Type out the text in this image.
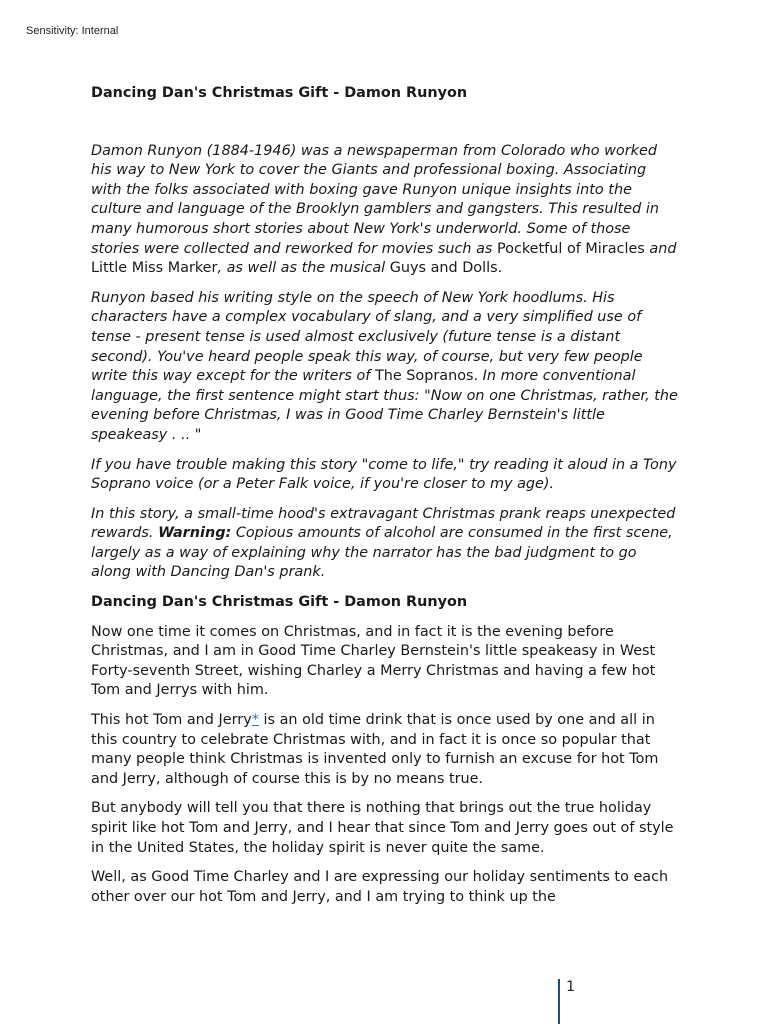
Sensitivity: Internal
Dancing Dan's Christmas Gift - Damon Runyon

Damon Runyon (1884-1946) was a newspaperman from Colorado who worked his way to New York to cover the Giants and professional boxing. Associating with the folks associated with boxing gave Runyon unique insights into the culture and language of the Brooklyn gamblers and gangsters. This resulted in many humorous short stories about New York's underworld. Some of those stories were collected and reworked for movies such as Pocketful of Miracles and Little Miss Marker, as well as the musical Guys and Dolls.

Runyon based his writing style on the speech of New York hoodlums. His characters have a complex vocabulary of slang, and a very simplified use of tense - present tense is used almost exclusively (future tense is a distant second). You've heard people speak this way, of course, but very few people write this way except for the writers of The Sopranos. In more conventional language, the first sentence might start thus: "Now on one Christmas, rather, the evening before Christmas, I was in Good Time Charley Bernstein's little speakeasy . .. "

If you have trouble making this story "come to life," try reading it aloud in a Tony Soprano voice (or a Peter Falk voice, if you're closer to my age).

In this story, a small-time hood's extravagant Christmas prank reaps unexpected rewards. Warning: Copious amounts of alcohol are consumed in the first scene, largely as a way of explaining why the narrator has the bad judgment to go along with Dancing Dan's prank.

Dancing Dan's Christmas Gift - Damon Runyon

Now one time it comes on Christmas, and in fact it is the evening before Christmas, and I am in Good Time Charley Bernstein's little speakeasy in West Forty-seventh Street, wishing Charley a Merry Christmas and having a few hot Tom and Jerrys with him.

This hot Tom and Jerry* is an old time drink that is once used by one and all in this country to celebrate Christmas with, and in fact it is once so popular that many people think Christmas is invented only to furnish an excuse for hot Tom and Jerry, although of course this is by no means true.

But anybody will tell you that there is nothing that brings out the true holiday spirit like hot Tom and Jerry, and I hear that since Tom and Jerry goes out of style in the United States, the holiday spirit is never quite the same.

Well, as Good Time Charley and I are expressing our holiday sentiments to each other over our hot Tom and Jerry, and I am trying to think up the

1
